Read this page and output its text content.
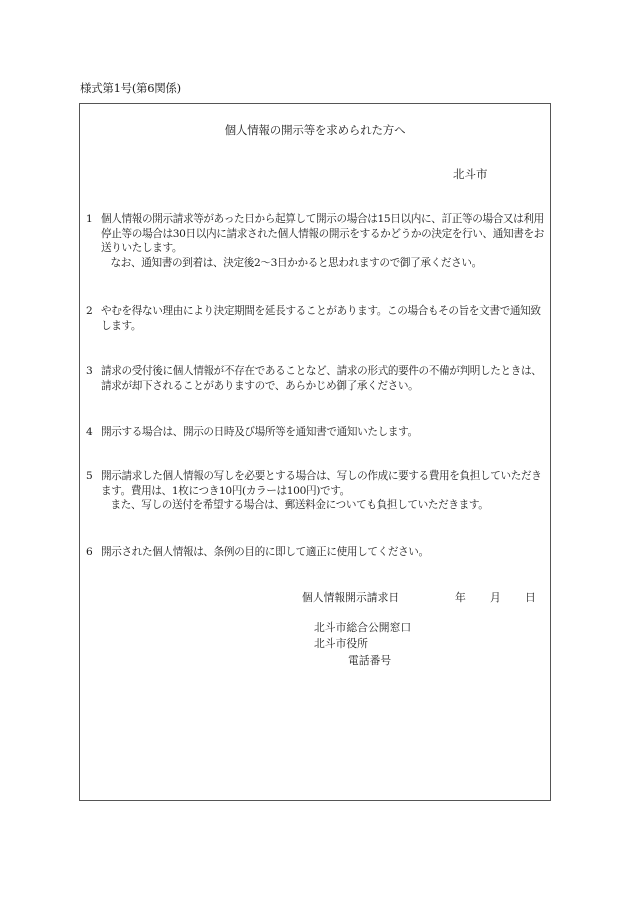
様式第1号(第6関係)
個人情報の開示等を求められた方へ
北斗市

1 個人情報の開示請求等があった日から起算して開示の場合は15日以内に、訂正等の場合又は利用停止等の場合は30日以内に請求された個人情報の開示をするかどうかの決定を行い、通知書をお送りいたします。

なお、通知書の到着は、決定後2〜3日かかると思われますので御了承ください。

2 やむを得ない理由により決定期間を延長することがあります。この場合もその旨を文書で通知致します。

3 請求の受付後に個人情報が不存在であることなど、請求の形式的要件の不備が判明したときは、請求が却下されることがありますので、あらかじめ御了承ください。

4 開示する場合は、開示の日時及び場所等を通知書で通知いたします。

5 開示請求した個人情報の写しを必要とする場合は、写しの作成に要する費用を負担していただきます。費用は、1枚につき10円(カラーは100円)です。

また、写しの送付を希望する場合は、郵送料金についても負担していただきます。

6 開示された個人情報は、条例の目的に即して適正に使用してください。

個人情報開示請求日	年 月 日
北斗市総合公開窓口
北斗市役所
電話番号
